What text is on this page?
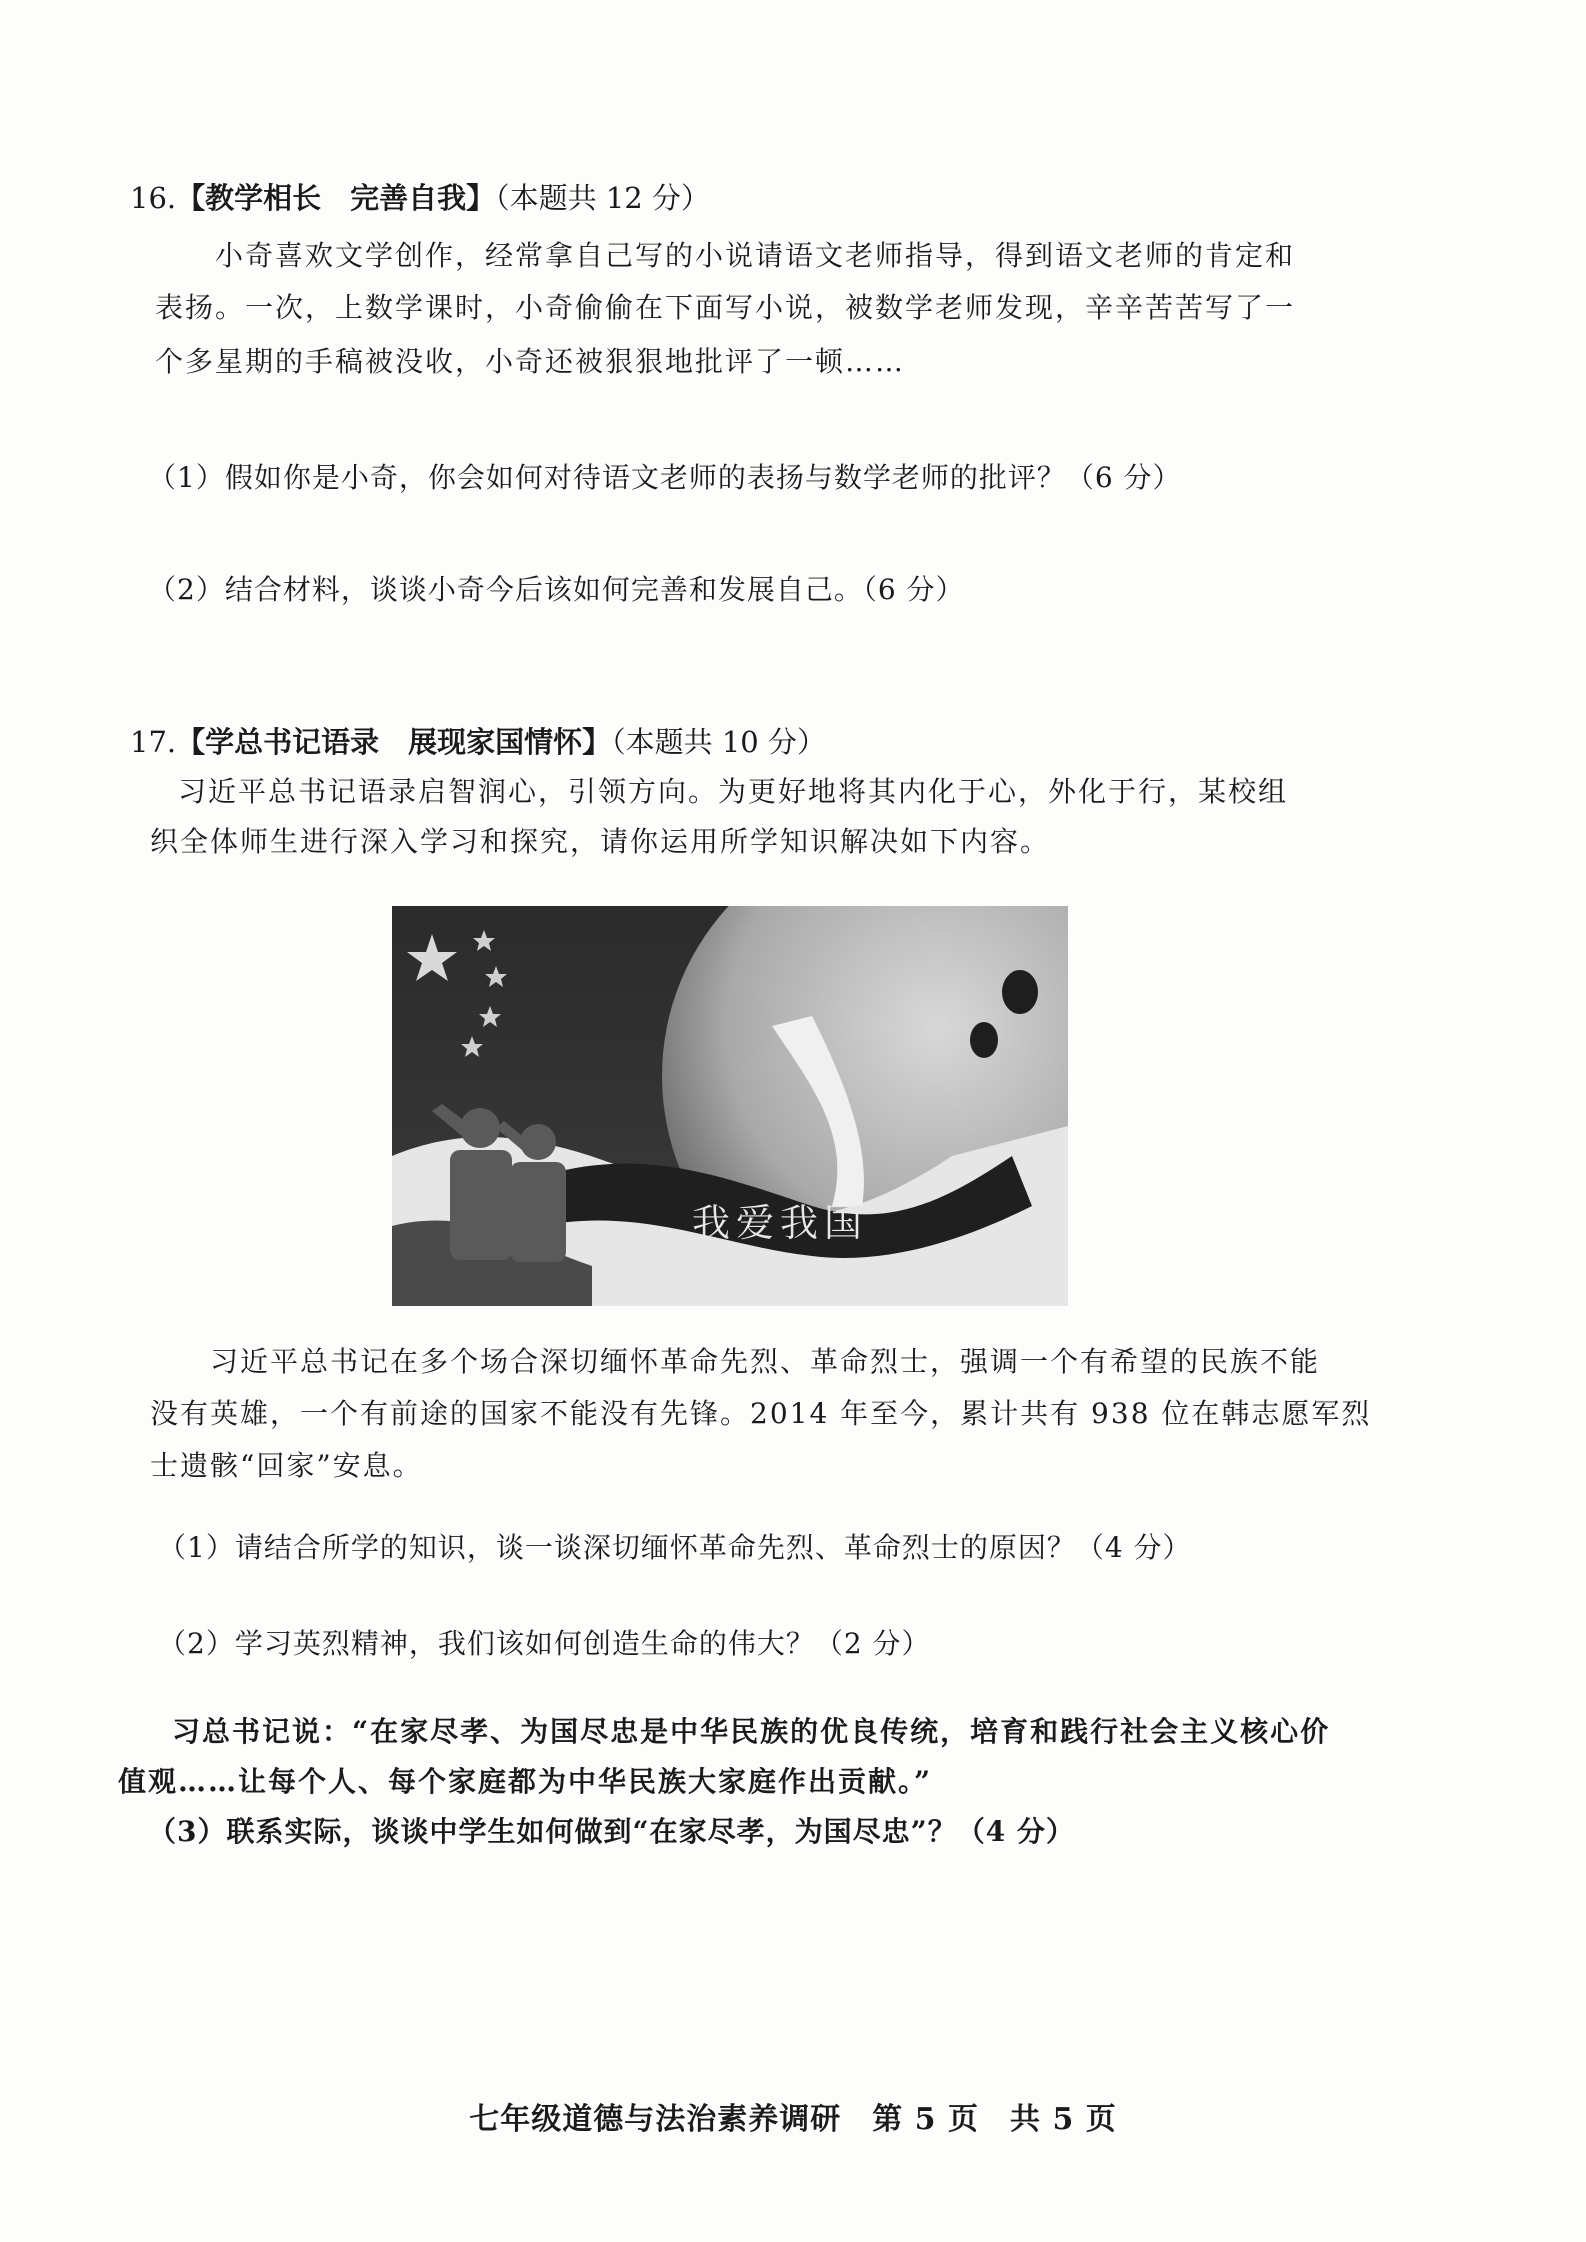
16.【教学相长　完善自我】（本题共 12 分）
小奇喜欢文学创作，经常拿自己写的小说请语文老师指导，得到语文老师的肯定和
表扬。一次，上数学课时，小奇偷偷在下面写小说，被数学老师发现，辛辛苦苦写了一
个多星期的手稿被没收，小奇还被狠狠地批评了一顿……
（1）假如你是小奇，你会如何对待语文老师的表扬与数学老师的批评？（6 分）
（2）结合材料，谈谈小奇今后该如何完善和发展自己。（6 分）
17.【学总书记语录　展现家国情怀】（本题共 10 分）
习近平总书记语录启智润心，引领方向。为更好地将其内化于心，外化于行，某校组
织全体师生进行深入学习和探究，请你运用所学知识解决如下内容。
我爱我国
习近平总书记在多个场合深切缅怀革命先烈、革命烈士，强调一个有希望的民族不能
没有英雄，一个有前途的国家不能没有先锋。2014 年至今，累计共有 938 位在韩志愿军烈
士遗骸“回家”安息。
（1）请结合所学的知识，谈一谈深切缅怀革命先烈、革命烈士的原因？（4 分）
（2）学习英烈精神，我们该如何创造生命的伟大？（2 分）
习总书记说：“在家尽孝、为国尽忠是中华民族的优良传统，培育和践行社会主义核心价
值观……让每个人、每个家庭都为中华民族大家庭作出贡献。”
（3）联系实际，谈谈中学生如何做到“在家尽孝，为国尽忠”？（4 分）
七年级道德与法治素养调研　第 5 页　共 5 页
